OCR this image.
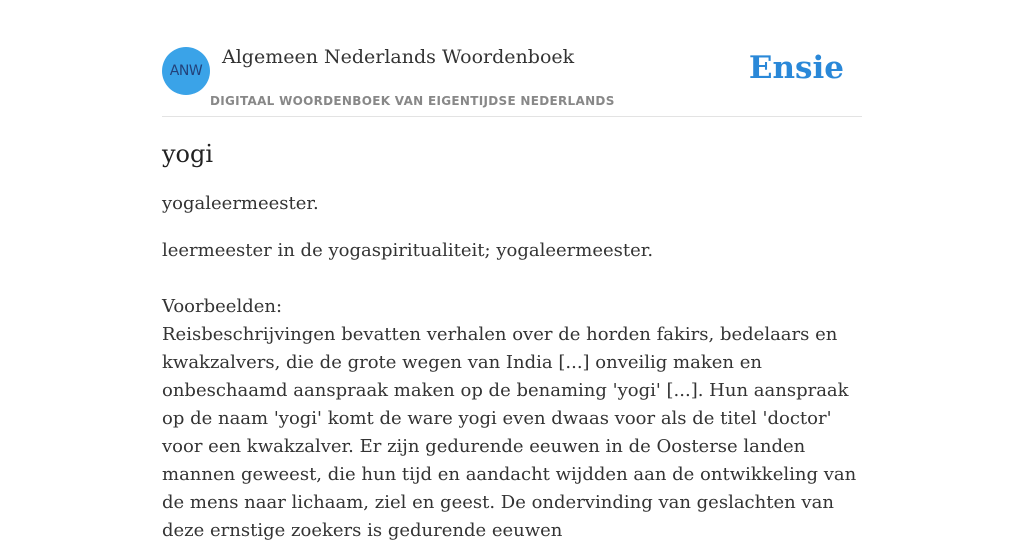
ANW
Algemeen Nederlands Woordenboek
DIGITAAL WOORDENBOEK VAN EIGENTIJDSE NEDERLANDS
Ensie
yogi

yogaleermeester.

leermeester in de yogaspiritualiteit; yogaleermeester.

Voorbeelden:

Reisbeschrijvingen bevatten verhalen over de horden fakirs, bedelaars en kwakzalvers, die de grote wegen van India [...] onveilig maken en onbeschaamd aanspraak maken op de benaming 'yogi' [...]. Hun aanspraak op de naam 'yogi' komt de ware yogi even dwaas voor als de titel 'doctor' voor een kwakzalver. Er zijn gedurende eeuwen in de Oosterse landen mannen geweest, die hun tijd en aandacht wijdden aan de ontwikkeling van de mens naar lichaam, ziel en geest. De ondervinding van geslachten van deze ernstige zoekers is gedurende eeuwen
